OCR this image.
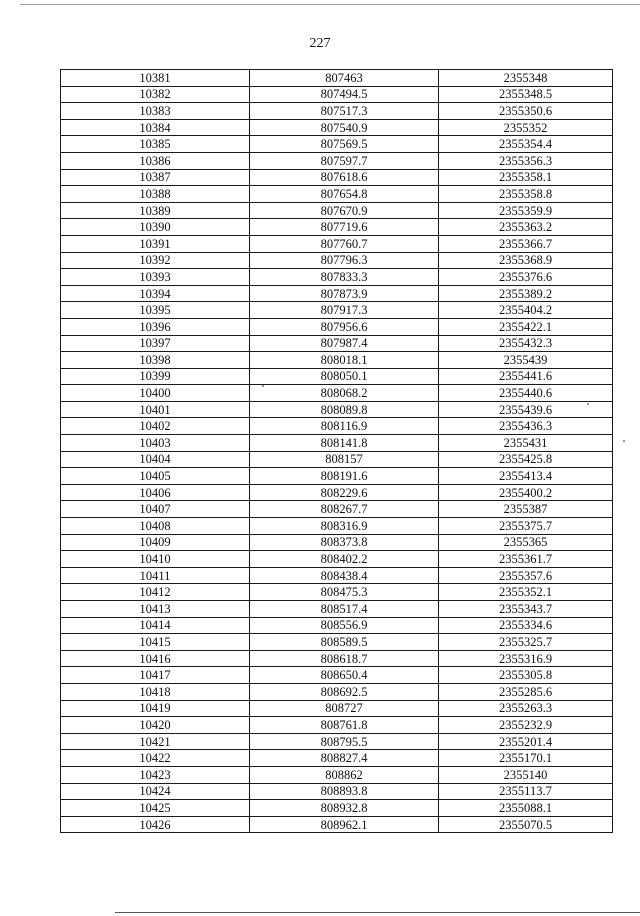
227
10381	807463	2355348
10382	807494.5	2355348.5
10383	807517.3	2355350.6
10384	807540.9	2355352
10385	807569.5	2355354.4
10386	807597.7	2355356.3
10387	807618.6	2355358.1
10388	807654.8	2355358.8
10389	807670.9	2355359.9
10390	807719.6	2355363.2
10391	807760.7	2355366.7
10392	807796.3	2355368.9
10393	807833.3	2355376.6
10394	807873.9	2355389.2
10395	807917.3	2355404.2
10396	807956.6	2355422.1
10397	807987.4	2355432.3
10398	808018.1	2355439
10399	808050.1	2355441.6
10400	808068.2	2355440.6
10401	808089.8	2355439.6
10402	808116.9	2355436.3
10403	808141.8	2355431
10404	808157	2355425.8
10405	808191.6	2355413.4
10406	808229.6	2355400.2
10407	808267.7	2355387
10408	808316.9	2355375.7
10409	808373.8	2355365
10410	808402.2	2355361.7
10411	808438.4	2355357.6
10412	808475.3	2355352.1
10413	808517.4	2355343.7
10414	808556.9	2355334.6
10415	808589.5	2355325.7
10416	808618.7	2355316.9
10417	808650.4	2355305.8
10418	808692.5	2355285.6
10419	808727	2355263.3
10420	808761.8	2355232.9
10421	808795.5	2355201.4
10422	808827.4	2355170.1
10423	808862	2355140
10424	808893.8	2355113.7
10425	808932.8	2355088.1
10426	808962.1	2355070.5
